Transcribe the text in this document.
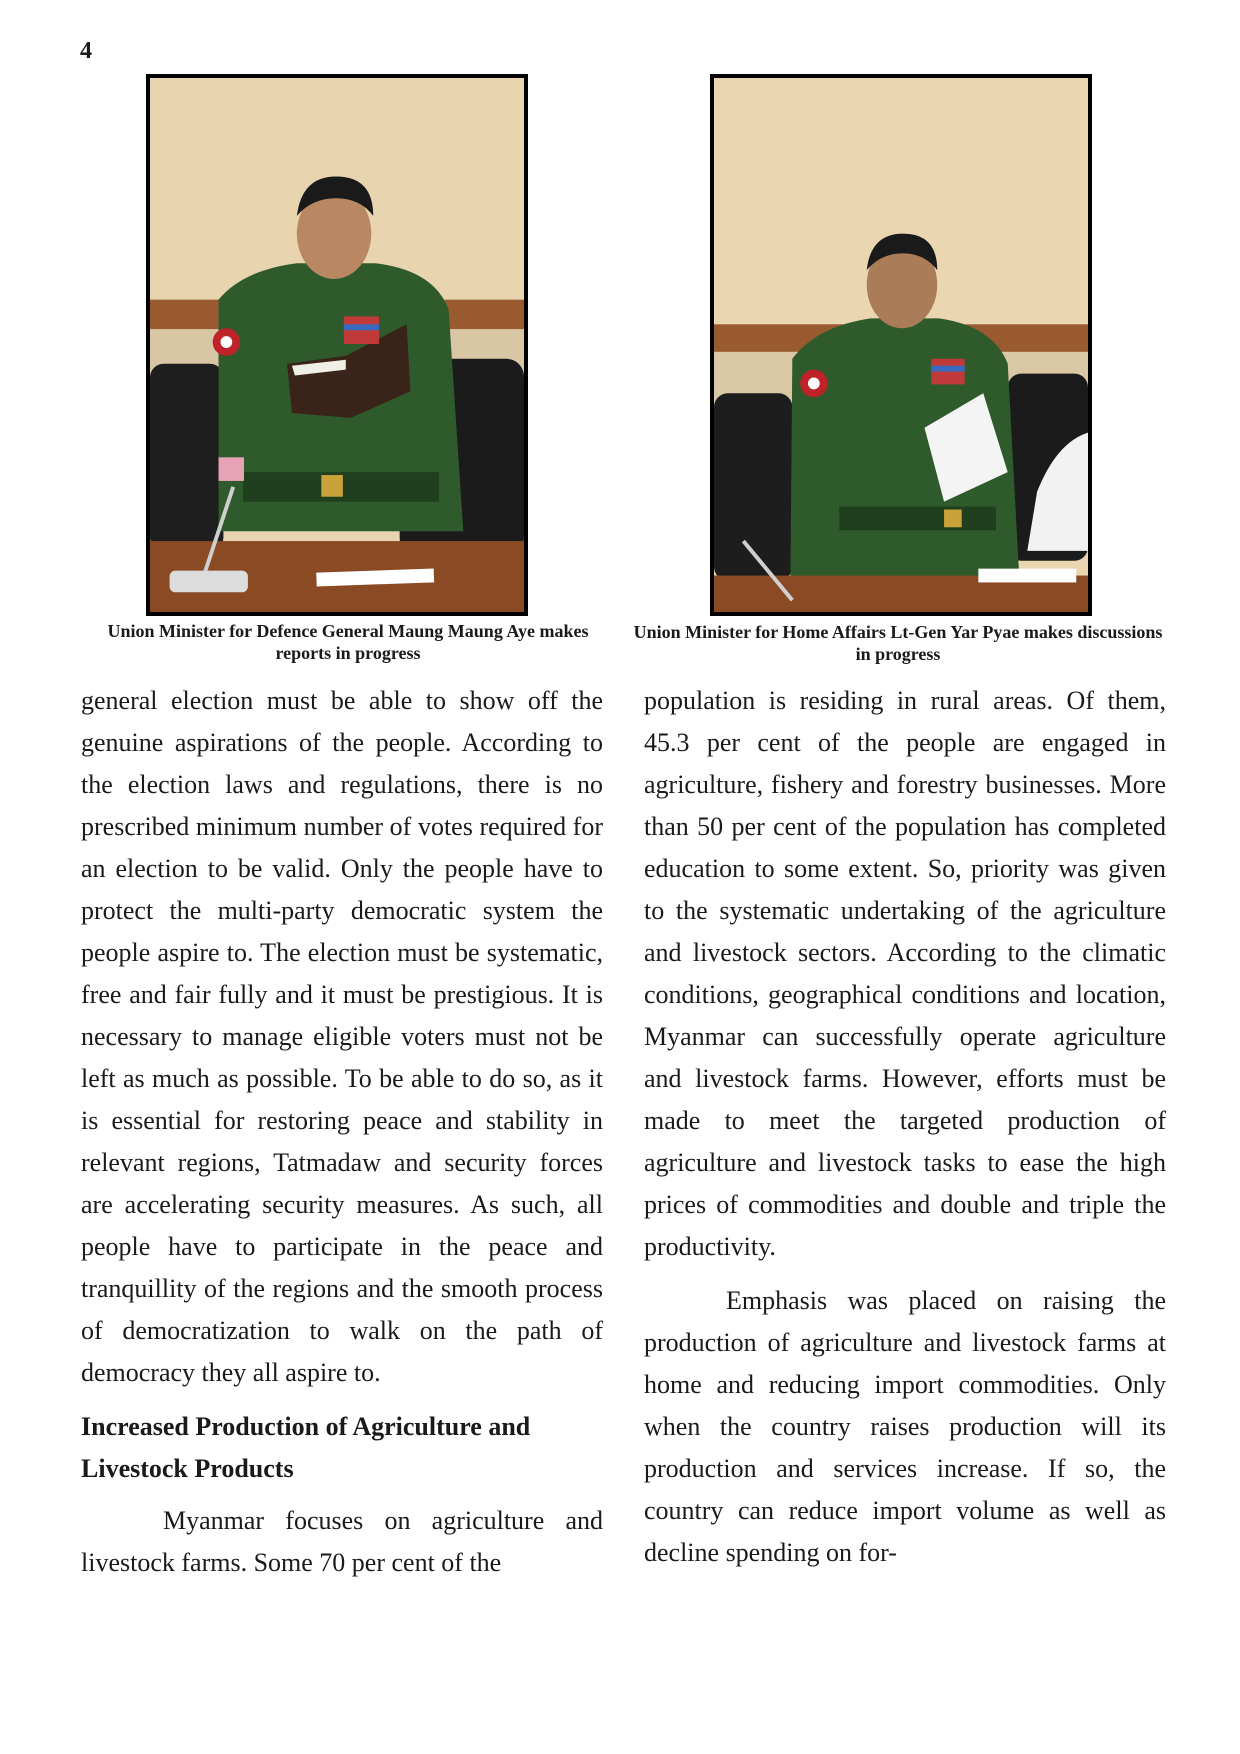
4
Union Minister for Defence General Maung Maung Aye makes reports in progress
Union Minister for Home Affairs Lt-Gen Yar Pyae makes discussions in progress

general election must be able to show off the genuine aspirations of the people. According to the election laws and regulations, there is no prescribed minimum number of votes required for an election to be valid. Only the people have to protect the multi-party democratic system the people aspire to. The election must be systematic, free and fair fully and it must be prestigious. It is necessary to manage eligible voters must not be left as much as possible. To be able to do so, as it is essential for restoring peace and stability in relevant regions, Tatmadaw and security forces are accelerating security measures. As such, all people have to participate in the peace and tranquillity of the regions and the smooth process of democratization to walk on the path of democracy they all aspire to.

Increased Production of Agriculture and Livestock Products

Myanmar focuses on agriculture and livestock farms. Some 70 per cent of the

population is residing in rural areas. Of them, 45.3 per cent of the people are engaged in agriculture, fishery and forestry businesses. More than 50 per cent of the population has completed education to some extent. So, priority was given to the systematic undertaking of the agriculture and livestock sectors. According to the climatic conditions, geographical conditions and location, Myanmar can successfully operate agriculture and livestock farms. However, efforts must be made to meet the targeted production of agriculture and livestock tasks to ease the high prices of commodities and double and triple the productivity.

Emphasis was placed on raising the production of agriculture and livestock farms at home and reducing import commodities. Only when the country raises production will its production and services increase. If so, the country can reduce import volume as well as decline spending on for-
